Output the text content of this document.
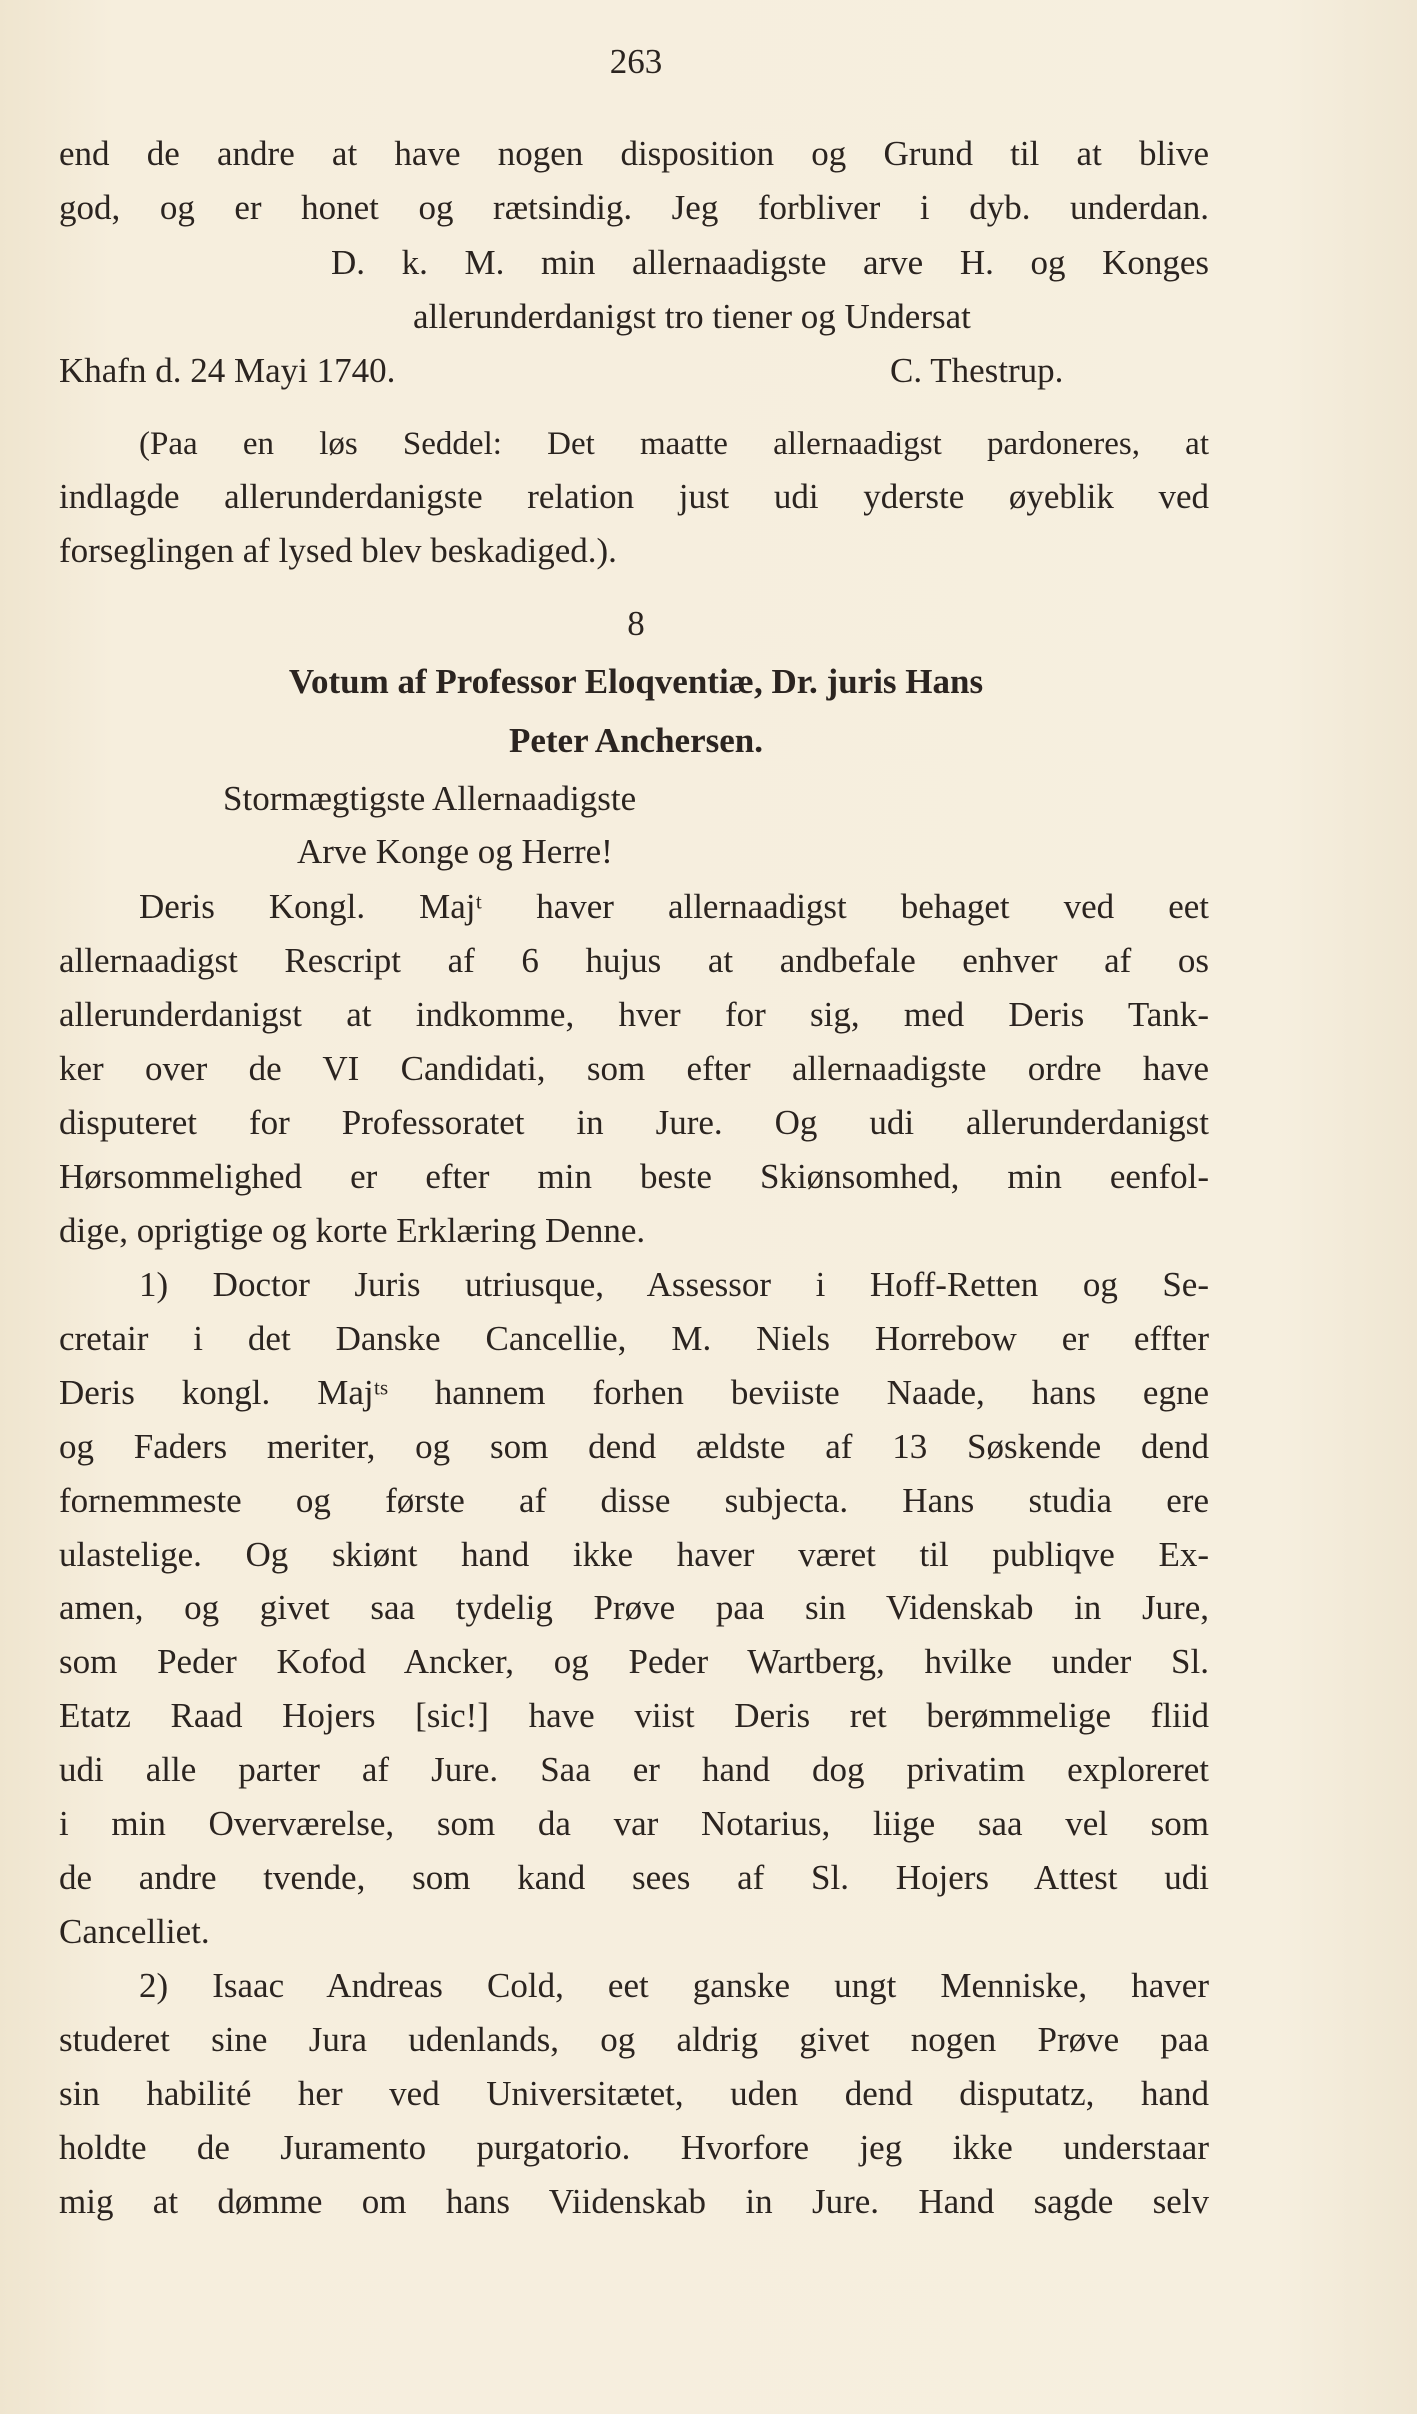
263
end de andre at have nogen disposition og Grund til at blive
god, og er honet og rætsindig. Jeg forbliver i dyb. underdan.
D. k. M. min allernaadigste arve H. og Konges
allerunderdanigst tro tiener og Undersat
Khafn d. 24 Mayi 1740.	C. Thestrup.
(Paa en løs Seddel: Det maatte allernaadigst pardoneres, at
indlagde allerunderdanigste relation just udi yderste øyeblik ved
forseglingen af lysed blev beskadiged.).
8
Votum af Professor Eloqventiæ, Dr. juris Hans
Peter Anchersen.
Stormægtigste Allernaadigste
Arve Konge og Herre!
Deris Kongl. Majᵗ haver allernaadigst behaget ved eet
allernaadigst Rescript af 6 hujus at andbefale enhver af os
allerunderdanigst at indkomme, hver for sig, med Deris Tank-
ker over de VI Candidati, som efter allernaadigste ordre have
disputeret for Professoratet in Jure. Og udi allerunderdanigst
Hørsommelighed er efter min beste Skiønsomhed, min eenfol-
dige, oprigtige og korte Erklæring Denne.
1) Doctor Juris utriusque, Assessor i Hoff-Retten og Se-
cretair i det Danske Cancellie, M. Niels Horrebow er effter
Deris kongl. Majᵗˢ hannem forhen beviiste Naade, hans egne
og Faders meriter, og som dend ældste af 13 Søskende dend
fornemmeste og første af disse subjecta. Hans studia ere
ulastelige. Og skiønt hand ikke haver været til publiqve Ex-
amen, og givet saa tydelig Prøve paa sin Videnskab in Jure,
som Peder Kofod Ancker, og Peder Wartberg, hvilke under Sl.
Etatz Raad Hojers [sic!] have viist Deris ret berømmelige fliid
udi alle parter af Jure. Saa er hand dog privatim exploreret
i min Overværelse, som da var Notarius, liige saa vel som
de andre tvende, som kand sees af Sl. Hojers Attest udi
Cancelliet.
2) Isaac Andreas Cold, eet ganske ungt Menniske, haver
studeret sine Jura udenlands, og aldrig givet nogen Prøve paa
sin habilité her ved Universitætet, uden dend disputatz, hand
holdte de Juramento purgatorio. Hvorfore jeg ikke understaar
mig at dømme om hans Viidenskab in Jure. Hand sagde selv
